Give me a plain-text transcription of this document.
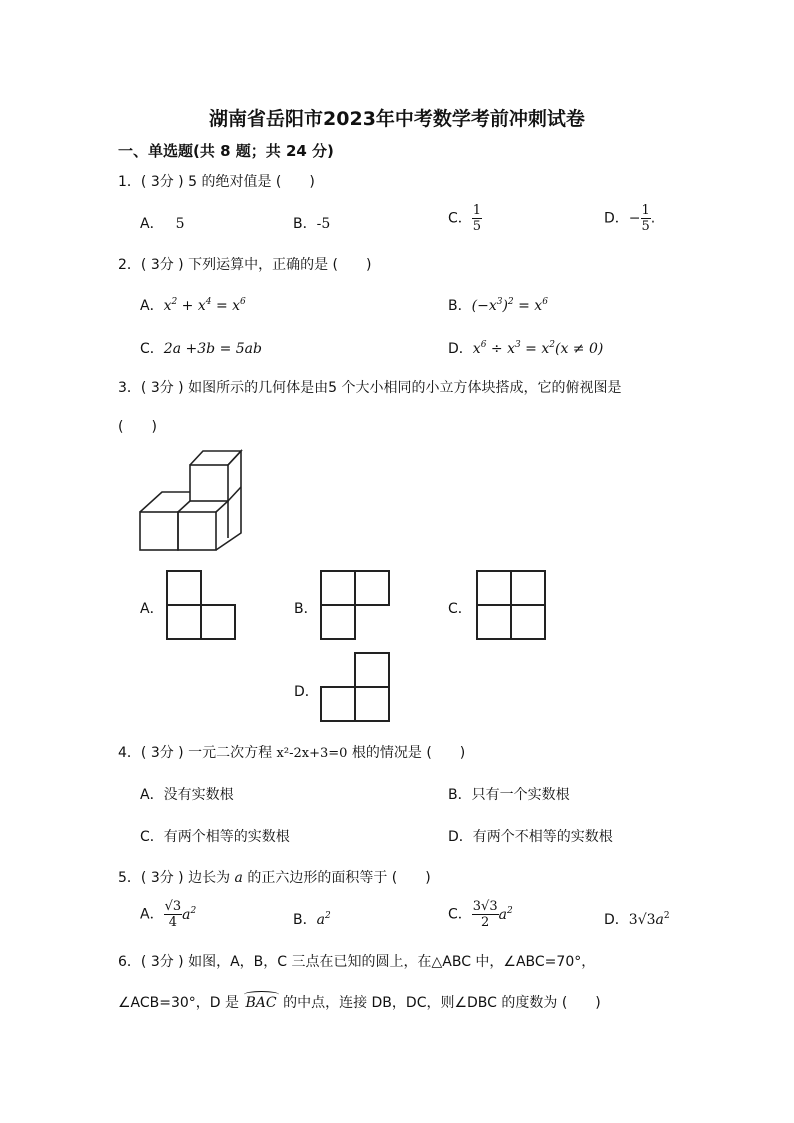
湖南省岳阳市2023年中考数学考前冲刺试卷
一、单选题(共 8 题；共 24 分)
1．( 3分 ) 5 的绝对值是 (　　)
A． 5	B．-5	C． $\frac{1}{5}$	D．− $\frac{1}{5}$ .
2．( 3分 ) 下列运算中，正确的是 (　　)
A．$x^2 + x^4 = x^6$	B．$(-x^3)^2 = x^6$
C．2a +3b = 5ab	D．$x^6 \div x^3 = x^2(x \ne 0)$
3．( 3分 ) 如图所示的几何体是由5 个大小相同的小立方体块搭成，它的俯视图是
(　　)
A．	B．	C．
D．
4．( 3分 ) 一元二次方程 x²-2x+3=0 根的情况是 (　　)
A．没有实数根	B．只有一个实数根
C．有两个相等的实数根	D．有两个不相等的实数根
5．( 3分 ) 边长为 a 的正六边形的面积等于 (　　)
A． $\frac{√3}{4} a^2$
B．$a^2$	C． $\frac{3√3}{2} a^2$
D．$3√3a^2$
6．( 3分 ) 如图，A，B，C 三点在已知的圆上，在△ABC 中，∠ABC=70°，
∠ACB=30°，D 是
BAC 的中点，连接 DB，DC，则∠DBC 的度数为 (　　)
